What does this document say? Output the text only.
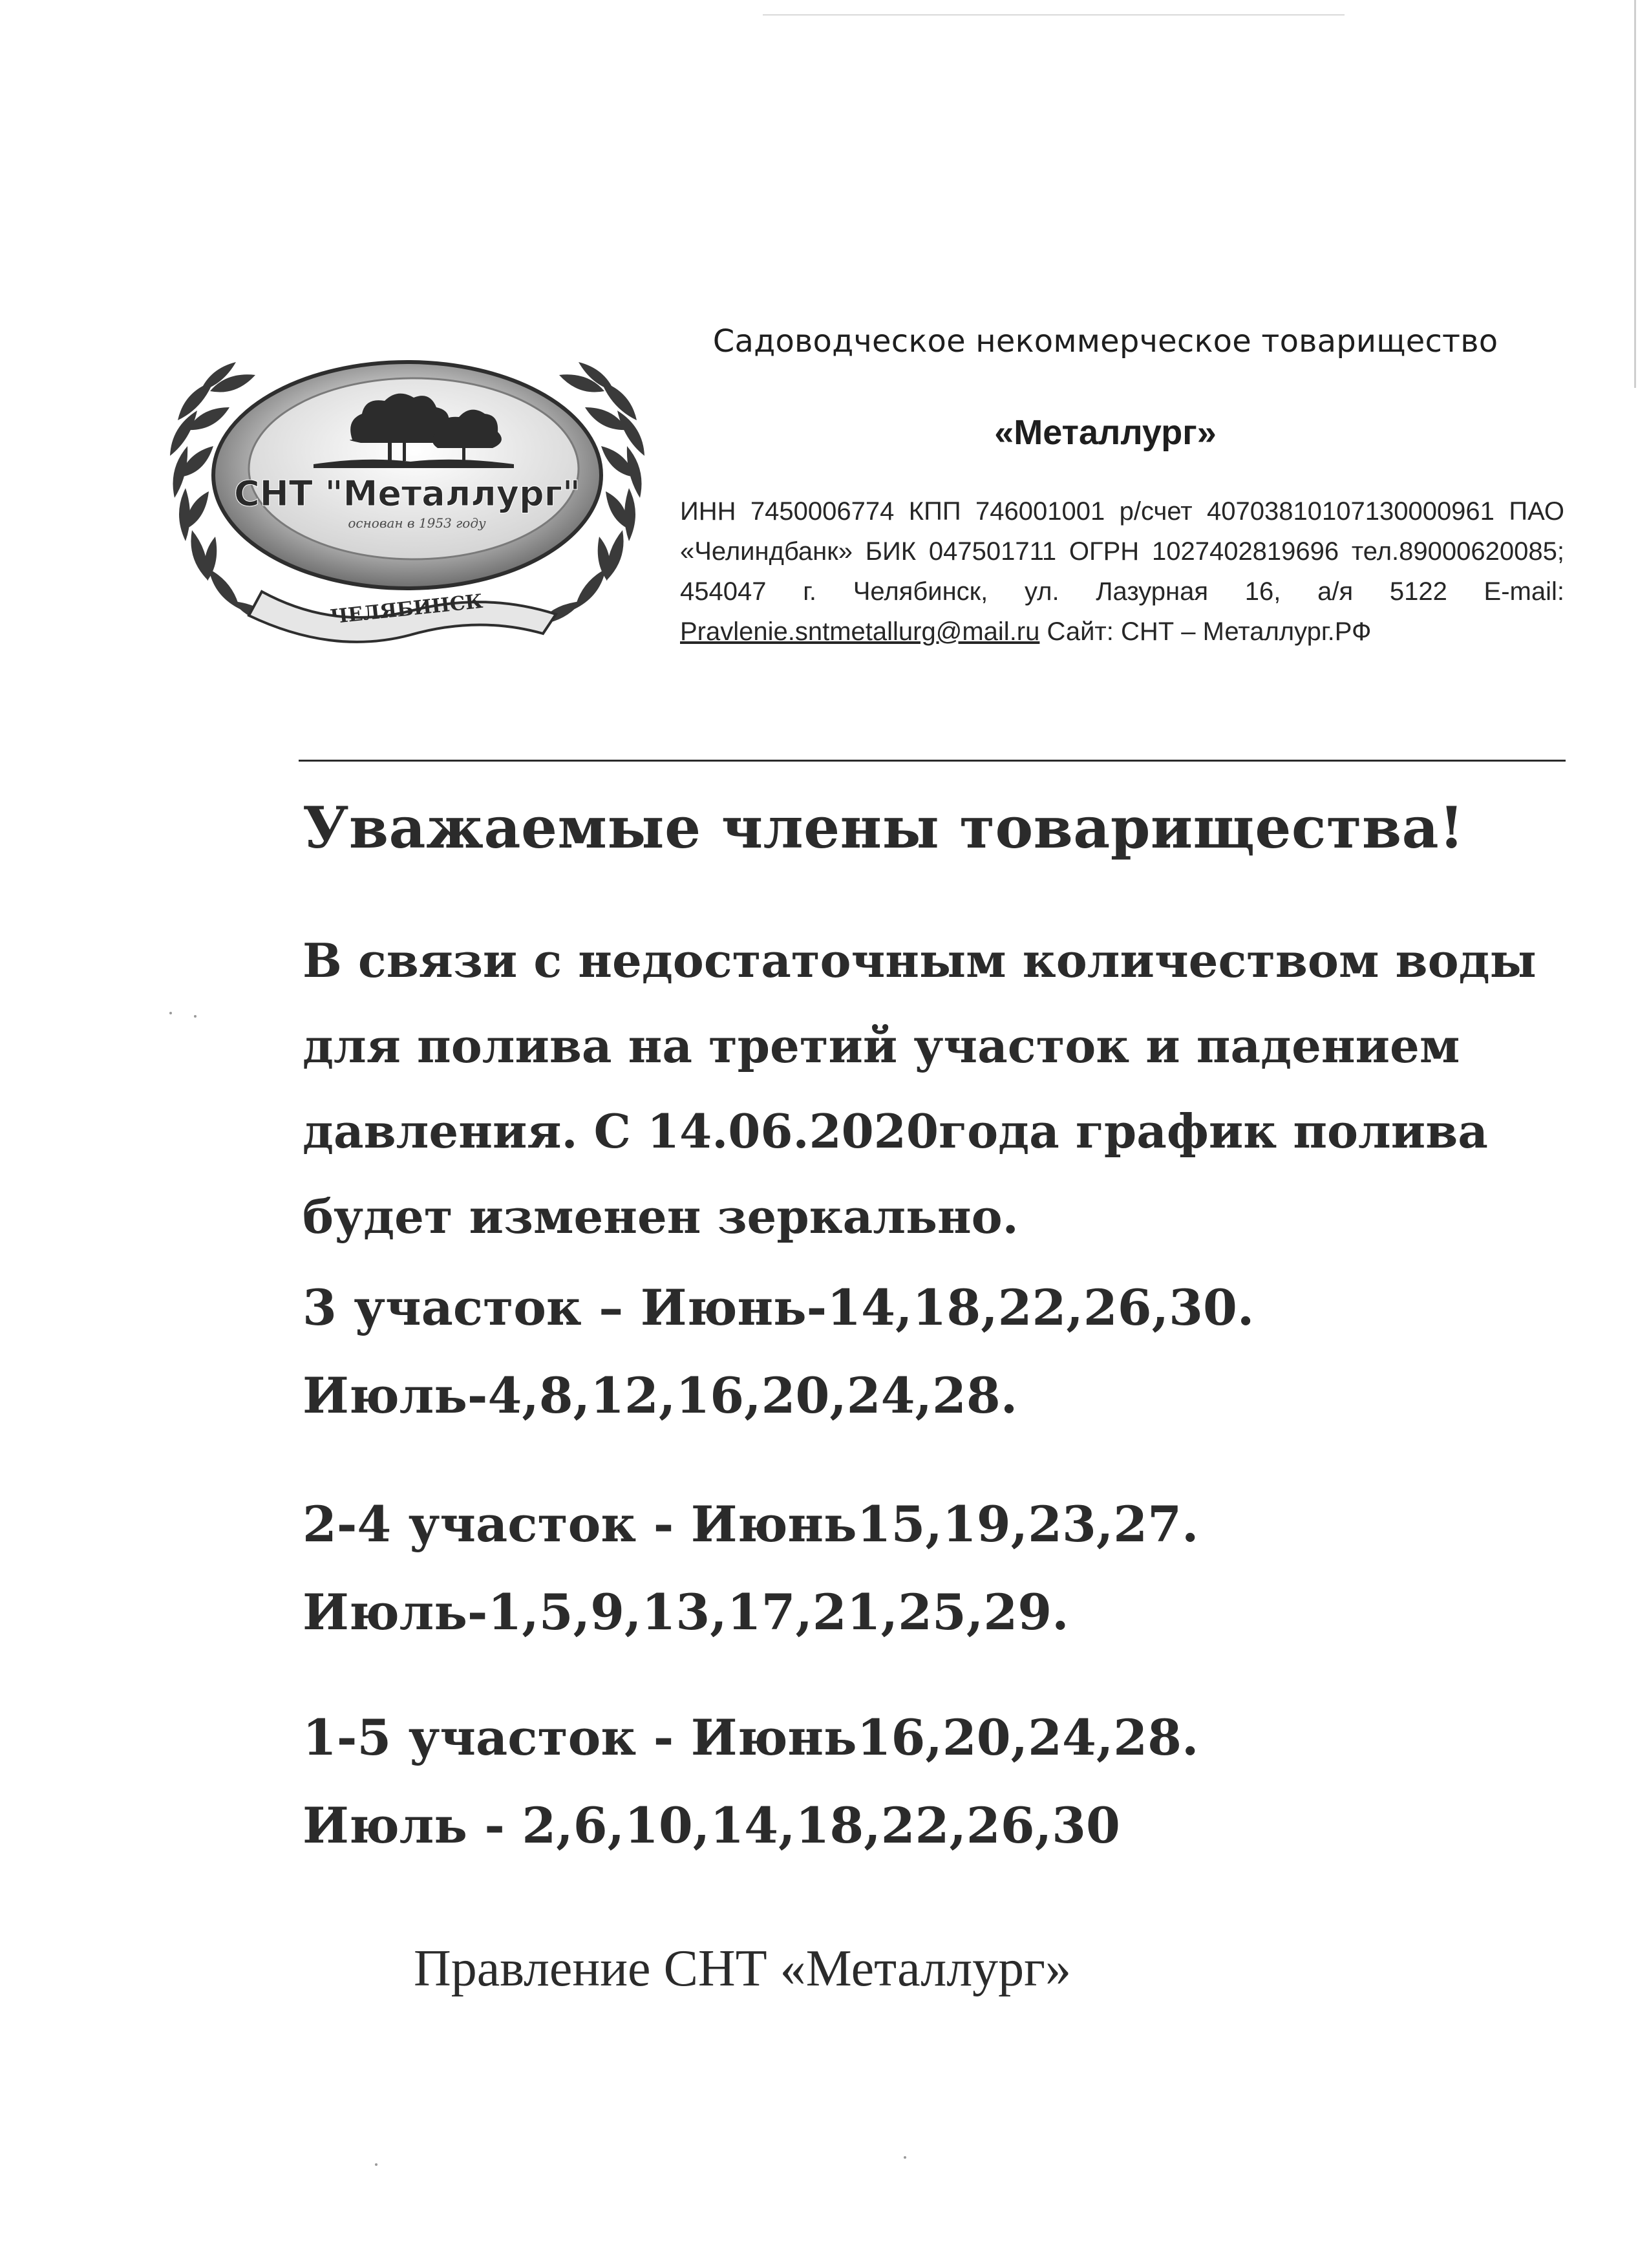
СНТ "Металлург"
основан в 1953 году
ЧЕЛЯБИНСК
Садоводческое некоммерческое товарищество
«Металлург»
ИНН 7450006774 КПП 746001001 р/счет 40703810107130000961 ПАО «Челиндбанк» БИК 047501711 ОГРН 1027402819696 тел.89000620085; 454047 г. Челябинск, ул. Лазурная 16, а/я 5122 E-mail: Pravlenie.sntmetallurg@mail.ru Сайт: СНТ – Металлург.РФ

Уважаемые члены товарищества!

В связи с недостаточным количеством воды для полива на третий участок и падением давления. С 14.06.2020года график полива будет изменен зеркально.

3 участок – Июнь-14,18,22,26,30.
Июль-4,8,12,16,20,24,28.
2-4 участок - Июнь15,19,23,27.
Июль-1,5,9,13,17,21,25,29.
1-5 участок - Июнь16,20,24,28.
Июль - 2,6,10,14,18,22,26,30
Правление СНТ «Металлург»
